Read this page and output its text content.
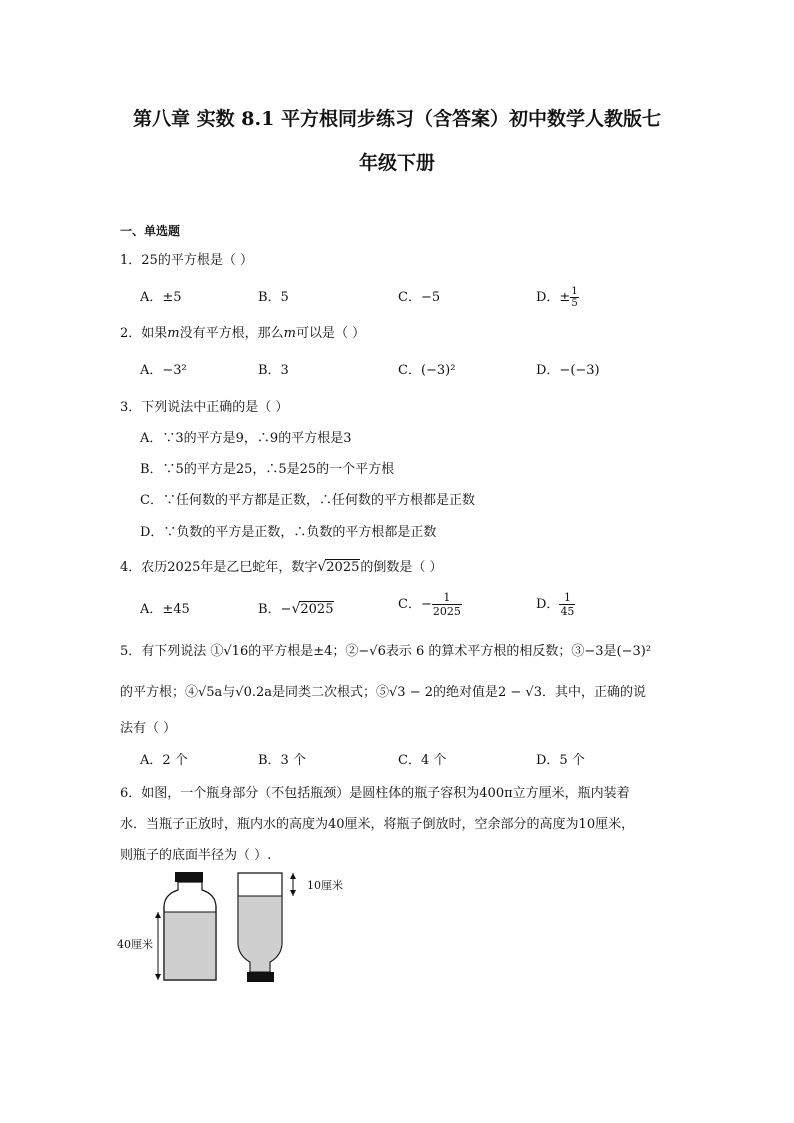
第八章 实数 8.1 平方根同步练习（含答案）初中数学人教版七
年级下册
一、单选题
1．25的平方根是（ ）
A．±5	B．5	C．−5	D．± $\frac{1}{5}$
2．如果m没有平方根，那么m可以是（ ）
A．−3²	B．3	C．(−3)²	D．−(−3)
3．下列说法中正确的是（ ）
A．∵3的平方是9，∴9的平方根是3
B．∵5的平方是25，∴5是25的一个平方根
C．∵任何数的平方都是正数，∴任何数的平方根都是正数
D．∵负数的平方是正数，∴负数的平方根都是正数
4．农历2025年是乙巳蛇年，数字√2025的倒数是（ ）
A．±45	B．−√2025	C．− $\frac{1}{2025}$	D． $\frac{1}{45}$
5．有下列说法 ①√16的平方根是±4；②−√6表示 6 的算术平方根的相反数；③−3是(−3)²
的平方根；④√5a与√0.2a是同类二次根式；⑤√3 − 2的绝对值是2 − √3．其中，正确的说
法有（ ）
A．2 个	B．3 个	C．4 个	D．5 个
6．如图，一个瓶身部分（不包括瓶颈）是圆柱体的瓶子容积为400π立方厘米，瓶内装着
水．当瓶子正放时，瓶内水的高度为40厘米，将瓶子倒放时，空余部分的高度为10厘米，
则瓶子的底面半径为（ ）.
40厘米
10厘米
